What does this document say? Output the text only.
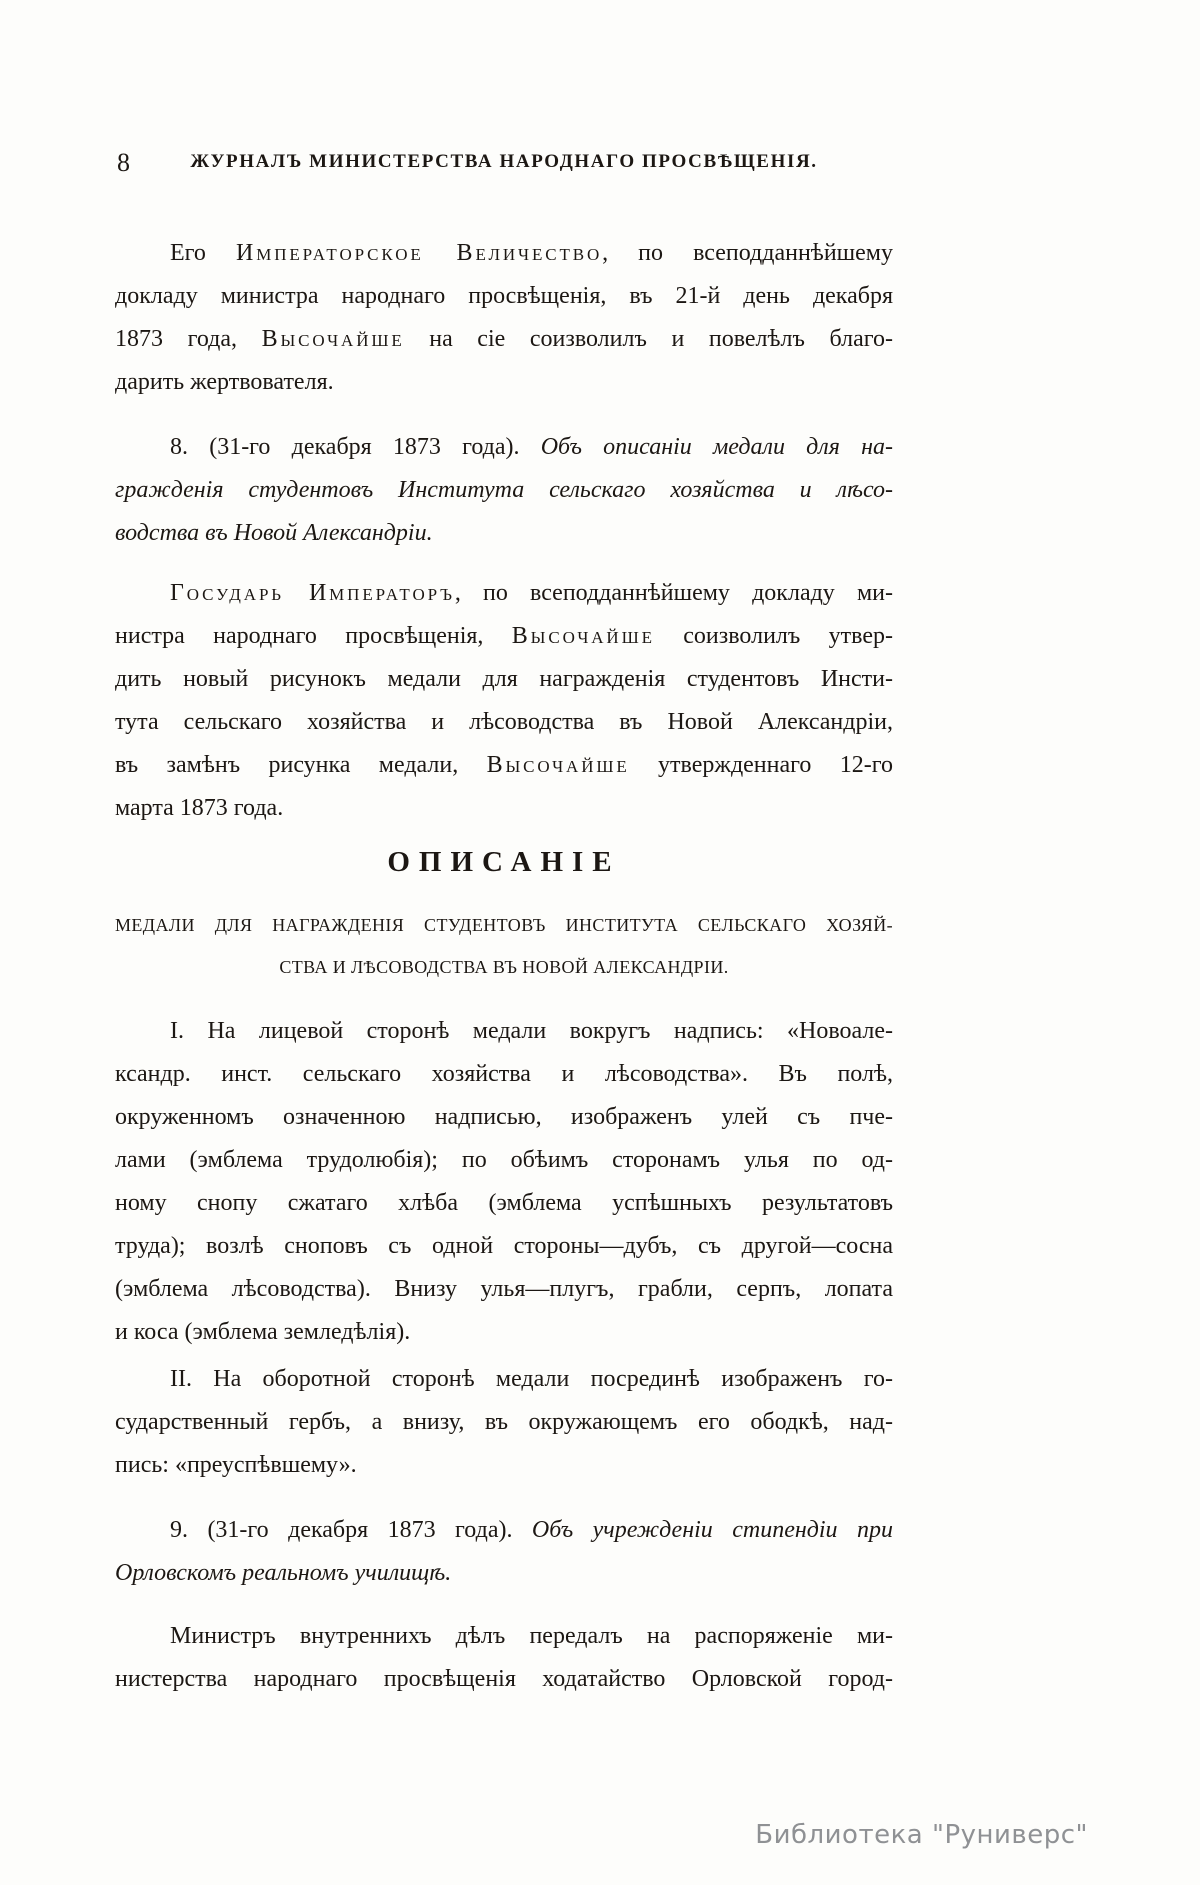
8	ЖУРНАЛЪ МИНИСТЕРСТВА НАРОДНАГО ПРОСВѢЩЕНІЯ.
Его Императорское Величество, по всеподданнѣйшему
докладу министра народнаго просвѣщенія, въ 21-й день декабря
1873 года, Высочайше на сіе соизволилъ и повелѣлъ благо-
дарить жертвователя.
8. (31-го декабря 1873 года). Объ описаніи медали для на-
гражденія студентовъ Института сельскаго хозяйства и лѣсо-
водства въ Новой Александріи.
Государь Императоръ, по всеподданнѣйшему докладу ми-
нистра народнаго просвѣщенія, Высочайше соизволилъ утвер-
дить новый рисунокъ медали для награжденія студентовъ Инсти-
тута сельскаго хозяйства и лѣсоводства въ Новой Александріи,
въ замѣнъ рисунка медали, Высочайше утвержденнаго 12-го
марта 1873 года.
ОПИСАНІЕ
МЕДАЛИ ДЛЯ НАГРАЖДЕНІЯ СТУДЕНТОВЪ ИНСТИТУТА СЕЛЬСКАГО ХОЗЯЙ-
СТВА И ЛѢСОВОДСТВА ВЪ НОВОЙ АЛЕКСАНДРІИ.
I. На лицевой сторонѣ медали вокругъ надпись: «Новоале-
ксандр. инст. сельскаго хозяйства и лѣсоводства». Въ полѣ,
окруженномъ означенною надписью, изображенъ улей съ пче-
лами (эмблема трудолюбія); по обѣимъ сторонамъ улья по од-
ному снопу сжатаго хлѣба (эмблема успѣшныхъ результатовъ
труда); возлѣ сноповъ съ одной стороны—дубъ, съ другой—сосна
(эмблема лѣсоводства). Внизу улья—плугъ, грабли, серпъ, лопата
и коса (эмблема земледѣлія).
II. На оборотной сторонѣ медали посрединѣ изображенъ го-
сударственный гербъ, а внизу, въ окружающемъ его ободкѣ, над-
пись: «преуспѣвшему».
9. (31-го декабря 1873 года). Объ учрежденіи стипендіи при
Орловскомъ реальномъ училищѣ.
Министръ внутреннихъ дѣлъ передалъ на распоряженіе ми-
нистерства народнаго просвѣщенія ходатайство Орловской город-
Библиотека "Руниверс"
